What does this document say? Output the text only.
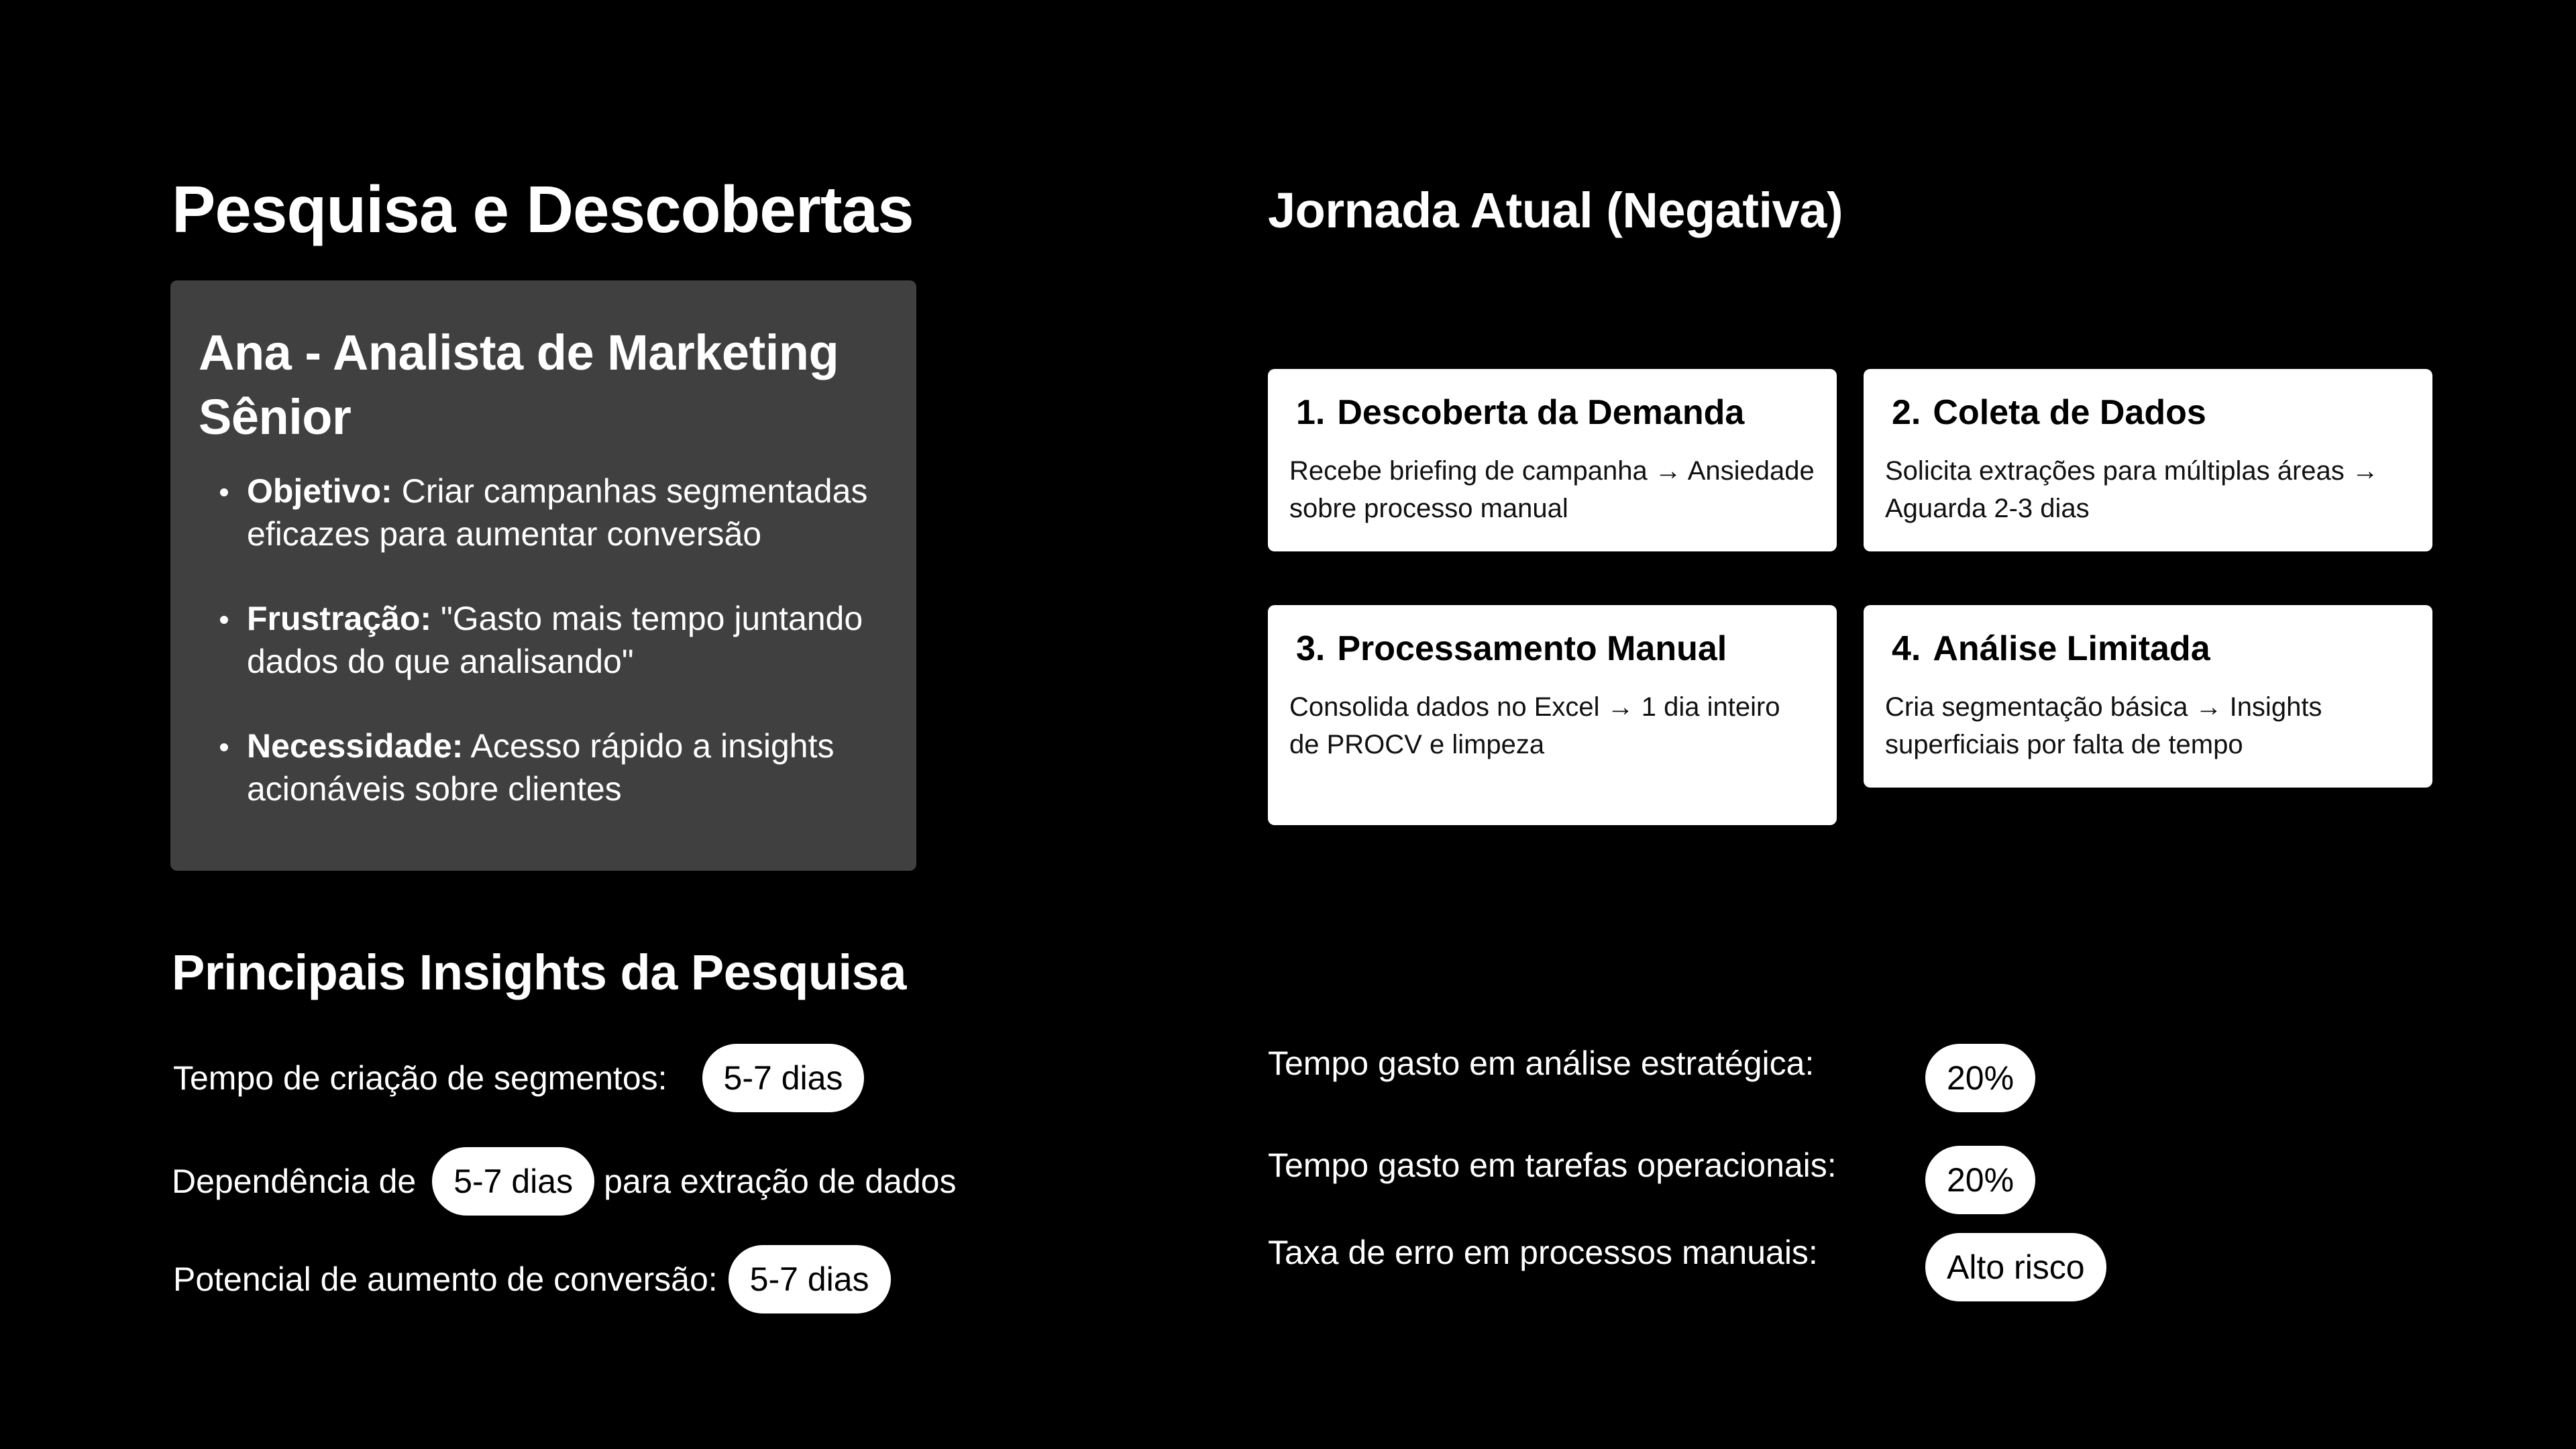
Pesquisa e Descobertas
Ana - Analista de Marketing Sênior
Objetivo: Criar campanhas segmentadas eficazes para aumentar conversão
Frustração: "Gasto mais tempo juntando dados do que analisando"
Necessidade: Acesso rápido a insights acionáveis sobre clientes
Jornada Atual (Negativa)
1. Descoberta da Demanda

Recebe briefing de campanha → Ansiedade sobre processo manual

2. Coleta de Dados

Solicita extrações para múltiplas áreas → Aguarda 2-3 dias

3. Processamento Manual

Consolida dados no Excel → 1 dia inteiro de PROCV e limpeza

4. Análise Limitada

Cria segmentação básica → Insights superficiais por falta de tempo

Principais Insights da Pesquisa
Tempo de criação de segmentos:	5-7 dias
Dependência de	5-7 dias para extração de dados
Potencial de aumento de conversão: 5-7 dias
Tempo gasto em análise estratégica:	20%
Tempo gasto em tarefas operacionais:	20%
Taxa de erro em processos manuais:	Alto risco
